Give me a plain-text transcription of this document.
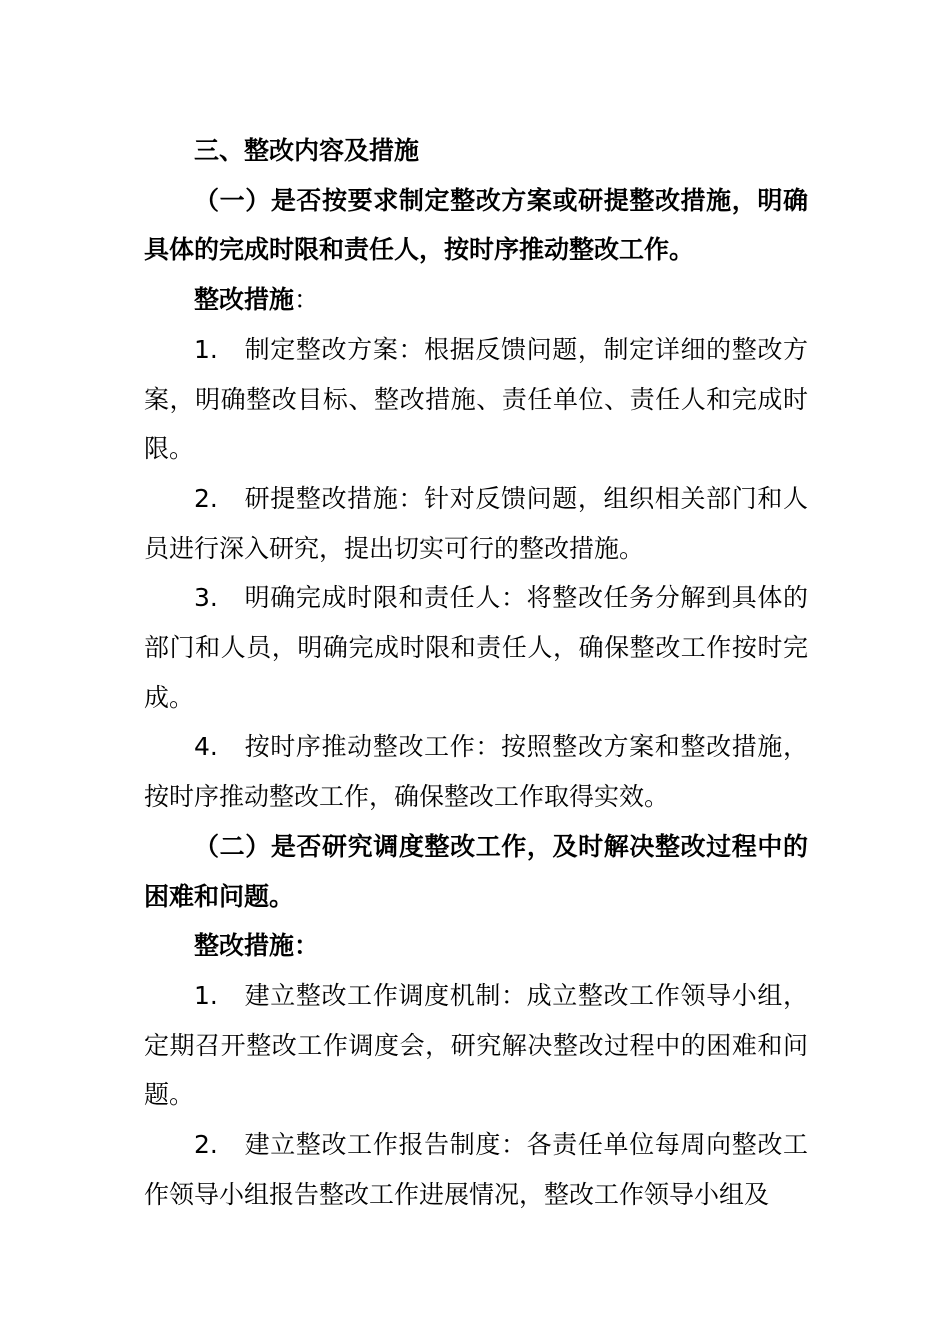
三、整改内容及措施

（一）是否按要求制定整改方案或研提整改措施，明确具体的完成时限和责任人，按时序推动整改工作。

整改措施：

1. 制定整改方案：根据反馈问题，制定详细的整改方案，明确整改目标、整改措施、责任单位、责任人和完成时限。

2. 研提整改措施：针对反馈问题，组织相关部门和人员进行深入研究，提出切实可行的整改措施。

3. 明确完成时限和责任人：将整改任务分解到具体的部门和人员，明确完成时限和责任人，确保整改工作按时完成。

4. 按时序推动整改工作：按照整改方案和整改措施，按时序推动整改工作，确保整改工作取得实效。

（二）是否研究调度整改工作，及时解决整改过程中的困难和问题。

整改措施：

1. 建立整改工作调度机制：成立整改工作领导小组，定期召开整改工作调度会，研究解决整改过程中的困难和问题。

2. 建立整改工作报告制度：各责任单位每周向整改工作领导小组报告整改工作进展情况，整改工作领导小组及
